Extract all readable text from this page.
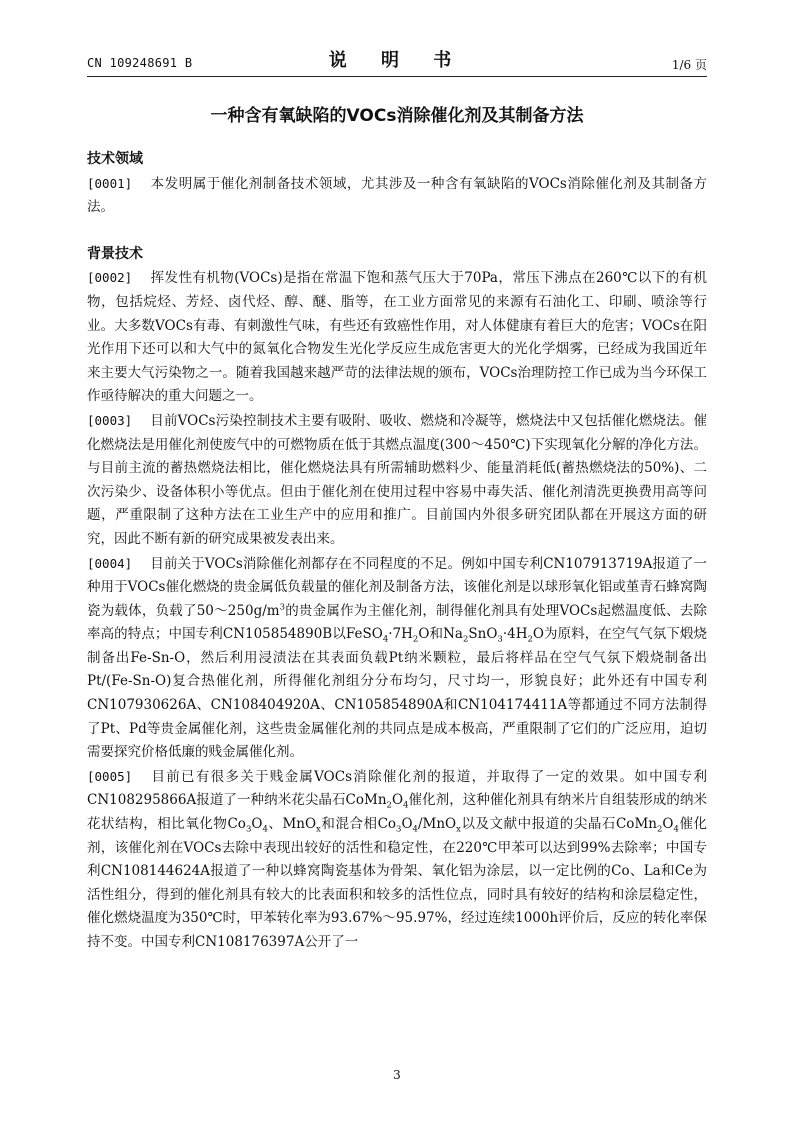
CN 109248691 B	说 明 书	1/6 页
一种含有氧缺陷的VOCs消除催化剂及其制备方法

技术领域

[0001] 本发明属于催化剂制备技术领域，尤其涉及一种含有氧缺陷的VOCs消除催化剂及其制备方法。

背景技术

[0002] 挥发性有机物(VOCs)是指在常温下饱和蒸气压大于70Pa，常压下沸点在260℃以下的有机物，包括烷烃、芳烃、卤代烃、醇、醚、脂等，在工业方面常见的来源有石油化工、印刷、喷涂等行业。大多数VOCs有毒、有刺激性气味，有些还有致癌性作用，对人体健康有着巨大的危害；VOCs在阳光作用下还可以和大气中的氮氧化合物发生光化学反应生成危害更大的光化学烟雾，已经成为我国近年来主要大气污染物之一。随着我国越来越严苛的法律法规的颁布，VOCs治理防控工作已成为当今环保工作亟待解决的重大问题之一。

[0003] 目前VOCs污染控制技术主要有吸附、吸收、燃烧和冷凝等，燃烧法中又包括催化燃烧法。催化燃烧法是用催化剂使废气中的可燃物质在低于其燃点温度(300～450℃)下实现氧化分解的净化方法。与目前主流的蓄热燃烧法相比，催化燃烧法具有所需辅助燃料少、能量消耗低(蓄热燃烧法的50%)、二次污染少、设备体积小等优点。但由于催化剂在使用过程中容易中毒失活、催化剂清洗更换费用高等问题，严重限制了这种方法在工业生产中的应用和推广。目前国内外很多研究团队都在开展这方面的研究，因此不断有新的研究成果被发表出来。

[0004] 目前关于VOCs消除催化剂都存在不同程度的不足。例如中国专利CN107913719A报道了一种用于VOCs催化燃烧的贵金属低负载量的催化剂及制备方法，该催化剂是以球形氧化铝或堇青石蜂窝陶瓷为载体，负载了$50\sim 250g/m^3$的贵金属作为主催化剂，制得催化剂具有处理VOCs起燃温度低、去除率高的特点；中国专利CN105854890B以$FeSO_4\cdot 7H_2O$和$Na_2SnO_3\cdot 4H_2O$为原料，在空气气氛下煅烧制备出Fe-Sn-O，然后利用浸渍法在其表面负载Pt纳米颗粒，最后将样品在空气气氛下煅烧制备出Pt/(Fe-Sn-O)复合热催化剂，所得催化剂组分分布均匀，尺寸均一，形貌良好；此外还有中国专利CN107930626A、CN108404920A、CN105854890A和CN104174411A等都通过不同方法制得了Pt、Pd等贵金属催化剂，这些贵金属催化剂的共同点是成本极高，严重限制了它们的广泛应用，迫切需要探究价格低廉的贱金属催化剂。

[0005] 目前已有很多关于贱金属VOCs消除催化剂的报道，并取得了一定的效果。如中国专利CN108295866A报道了一种纳米花尖晶石$CoMn_2O_4$催化剂，这种催化剂具有纳米片自组装形成的纳米花状结构，相比氧化物$Co_3O_4$、MnO$_x$和混合相$Co_3O_4/MnO_x$以及文献中报道的尖晶石$CoMn_2O_4$催化剂，该催化剂在VOCs去除中表现出较好的活性和稳定性，在220℃甲苯可以达到99%去除率；中国专利CN108144624A报道了一种以蜂窝陶瓷基体为骨架、氧化铝为涂层，以一定比例的Co、La和Ce为活性组分，得到的催化剂具有较大的比表面积和较多的活性位点，同时具有较好的结构和涂层稳定性，催化燃烧温度为350℃时，甲苯转化率为93.67%～95.97%，经过连续1000h评价后，反应的转化率保持不变。中国专利CN108176397A公开了一

3
